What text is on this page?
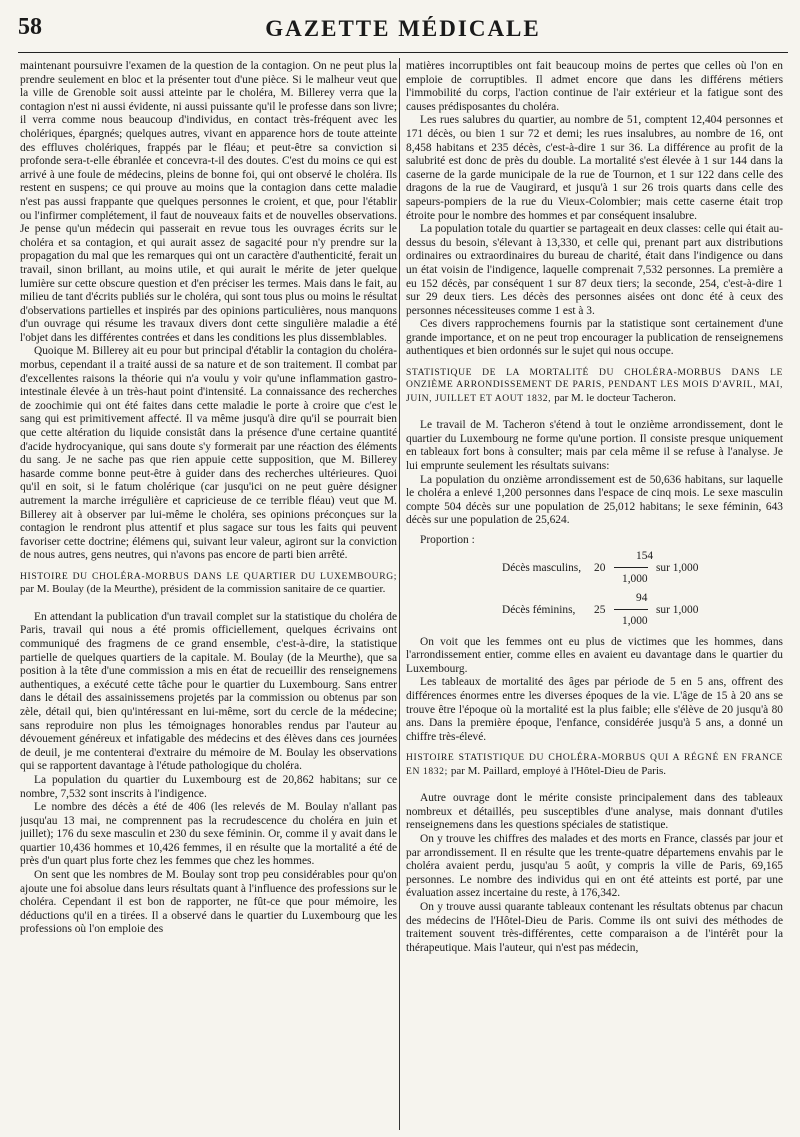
58	GAZETTE MÉDICALE

maintenant poursuivre l'examen de la question de la contagion. On ne peut plus la prendre seulement en bloc et la présenter tout d'une pièce. Si le malheur veut que la ville de Grenoble soit aussi atteinte par le choléra, M. Billerey verra que la contagion n'est ni aussi évidente, ni aussi puissante qu'il le professe dans son livre; il verra comme nous beaucoup d'individus, en contact très-fréquent avec les cholériques, épargnés; quelques autres, vivant en apparence hors de toute atteinte des effluves cholériques, frappés par le fléau; et peut-être sa conviction si profonde sera-t-elle ébranlée et concevra-t-il des doutes. C'est du moins ce qui est arrivé à une foule de médecins, pleins de bonne foi, qui ont observé le choléra. Ils restent en suspens; ce qui prouve au moins que la contagion dans cette maladie n'est pas aussi frappante que quelques personnes le croient, et que, pour l'établir ou l'infirmer complétement, il faut de nouveaux faits et de nouvelles observations. Je pense qu'un médecin qui passerait en revue tous les ouvrages écrits sur le choléra et sa contagion, et qui aurait assez de sagacité pour n'y prendre sur la propagation du mal que les remarques qui ont un caractère d'authenticité, ferait un travail, sinon brillant, au moins utile, et qui aurait le mérite de jeter quelque lumière sur cette obscure question et d'en préciser les termes. Mais dans le fait, au milieu de tant d'écrits publiés sur le choléra, qui sont tous plus ou moins le résultat d'observations partielles et inspirés par des opinions particulières, nous manquons d'un ouvrage qui résume les travaux divers dont cette singulière maladie a été l'objet dans les différentes contrées et dans les conditions les plus dissemblables.

Quoique M. Billerey ait eu pour but principal d'établir la contagion du choléra-morbus, cependant il a traité aussi de sa nature et de son traitement. Il combat par d'excellentes raisons la théorie qui n'a voulu y voir qu'une inflammation gastro-intestinale élevée à un très-haut point d'intensité. La connaissance des recherches de zoochimie qui ont été faites dans cette maladie le porte à croire que c'est le sang qui est primitivement affecté. Il va même jusqu'à dire qu'il se pourrait bien que cette altération du liquide consistât dans la présence d'une certaine quantité d'acide hydrocyanique, qui sans doute s'y formerait par une réaction des éléments du sang. Je ne sache pas que rien appuie cette supposition, que M. Billerey hasarde comme bonne peut-être à guider dans des recherches ultérieures. Quoi qu'il en soit, si le fatum cholérique (car jusqu'ici on ne peut guère désigner autrement la marche irrégulière et capricieuse de ce terrible fléau) veut que M. Billerey ait à observer par lui-même le choléra, ses opinions préconçues sur la contagion le rendront plus attentif et plus sagace sur tous les faits qui peuvent favoriser cette doctrine; élémens qui, suivant leur valeur, agiront sur la conviction de nous autres, gens neutres, qui n'avons pas encore de parti bien arrêté.

HISTOIRE DU CHOLÉRA-MORBUS DANS LE QUARTIER DU LUXEMBOURG; par M. Boulay (de la Meurthe), président de la commission sanitaire de ce quartier.

En attendant la publication d'un travail complet sur la statistique du choléra de Paris, travail qui nous a été promis officiellement, quelques écrivains ont communiqué des fragmens de ce grand ensemble, c'est-à-dire, la statistique partielle de quelques quartiers de la capitale. M. Boulay (de la Meurthe), que sa position à la tête d'une commission a mis en état de recueillir des renseignemens authentiques, a exécuté cette tâche pour le quartier du Luxembourg. Sans entrer dans le détail des assainissemens projetés par la commission ou obtenus par son zèle, détail qui, bien qu'intéressant en lui-même, sort du cercle de la médecine; sans reproduire non plus les témoignages honorables rendus par l'auteur au dévouement généreux et infatigable des médecins et des élèves dans ces journées de deuil, je me contenterai d'extraire du mémoire de M. Boulay les observations qui se rapportent davantage à l'étude pathologique du choléra.

La population du quartier du Luxembourg est de 20,862 habitans; sur ce nombre, 7,532 sont inscrits à l'indigence.

Le nombre des décès a été de 406 (les relevés de M. Boulay n'allant pas jusqu'au 13 mai, ne comprennent pas la recrudescence du choléra en juin et juillet); 176 du sexe masculin et 230 du sexe féminin. Or, comme il y avait dans le quartier 10,436 hommes et 10,426 femmes, il en résulte que la mortalité a été de près d'un quart plus forte chez les femmes que chez les hommes.

On sent que les nombres de M. Boulay sont trop peu considérables pour qu'on ajoute une foi absolue dans leurs résultats quant à l'influence des professions sur le choléra. Cependant il est bon de rapporter, ne fût-ce que pour mémoire, les déductions qu'il en a tirées. Il a observé dans le quartier du Luxembourg que les professions où l'on emploie des

matières incorruptibles ont fait beaucoup moins de pertes que celles où l'on en emploie de corruptibles. Il admet encore que dans les différens métiers l'immobilité du corps, l'action continue de l'air extérieur et la fatigue sont des causes prédisposantes du choléra.

Les rues salubres du quartier, au nombre de 51, comptent 12,404 personnes et 171 décès, ou bien 1 sur 72 et demi; les rues insalubres, au nombre de 16, ont 8,458 habitans et 235 décès, c'est-à-dire 1 sur 36. La différence au profit de la salubrité est donc de près du double. La mortalité s'est élevée à 1 sur 144 dans la caserne de la garde municipale de la rue de Tournon, et 1 sur 122 dans celle des dragons de la rue de Vaugirard, et jusqu'à 1 sur 26 trois quarts dans celle des sapeurs-pompiers de la rue du Vieux-Colombier; mais cette caserne était trop étroite pour le nombre des hommes et par conséquent insalubre.

La population totale du quartier se partageait en deux classes: celle qui était au-dessus du besoin, s'élevant à 13,330, et celle qui, prenant part aux distributions ordinaires ou extraordinaires du bureau de charité, était dans l'indigence ou dans un état voisin de l'indigence, laquelle comprenait 7,532 personnes. La première a eu 152 décès, par conséquent 1 sur 87 deux tiers; la seconde, 254, c'est-à-dire 1 sur 29 deux tiers. Les décès des personnes aisées ont donc été à ceux des personnes nécessiteuses comme 1 est à 3.

Ces divers rapprochemens fournis par la statistique sont certainement d'une grande importance, et on ne peut trop encourager la publication de renseignemens authentiques et bien ordonnés sur le sujet qui nous occupe.

STATISTIQUE DE LA MORTALITÉ DU CHOLÉRA-MORBUS DANS LE ONZIÈME ARRONDISSEMENT DE PARIS, PENDANT LES MOIS D'AVRIL, MAI, JUIN, JUILLET ET AOUT 1832, par M. le docteur Tacheron.

Le travail de M. Tacheron s'étend à tout le onzième arrondissement, dont le quartier du Luxembourg ne forme qu'une portion. Il consiste presque uniquement en tableaux fort bons à consulter; mais par cela même il se refuse à l'analyse. Je lui emprunte seulement les résultats suivans:

La population du onzième arrondissement est de 50,636 habitans, sur laquelle le choléra a enlevé 1,200 personnes dans l'espace de cinq mois. Le sexe masculin compte 504 décès sur une population de 25,012 habitans; le sexe féminin, 643 décès sur une population de 25,624.

Proportion :
Décès masculins, 20
154
1,000
sur 1,000
Décès féminins, 25
94
1,000
sur 1,000

On voit que les femmes ont eu plus de victimes que les hommes, dans l'arrondissement entier, comme elles en avaient eu davantage dans le quartier du Luxembourg.

Les tableaux de mortalité des âges par période de 5 en 5 ans, offrent des différences énormes entre les diverses époques de la vie. L'âge de 15 à 20 ans se trouve être l'époque où la mortalité est la plus faible; elle s'élève de 20 jusqu'à 80 ans. Dans la première époque, l'enfance, considérée jusqu'à 5 ans, a donné un chiffre très-élevé.

HISTOIRE STATISTIQUE DU CHOLÉRA-MORBUS QUI A RÉGNÉ EN FRANCE EN 1832; par M. Paillard, employé à l'Hôtel-Dieu de Paris.

Autre ouvrage dont le mérite consiste principalement dans des tableaux nombreux et détaillés, peu susceptibles d'une analyse, mais donnant d'utiles renseignemens dans les questions spéciales de statistique.

On y trouve les chiffres des malades et des morts en France, classés par jour et par arrondissement. Il en résulte que les trente-quatre départemens envahis par le choléra avaient perdu, jusqu'au 5 août, y compris la ville de Paris, 69,165 personnes. Le nombre des individus qui en ont été atteints est porté, par une évaluation assez incertaine du reste, à 176,342.

On y trouve aussi quarante tableaux contenant les résultats obtenus par chacun des médecins de l'Hôtel-Dieu de Paris. Comme ils ont suivi des méthodes de traitement souvent très-différentes, cette comparaison a de l'intérêt pour la thérapeutique. Mais l'auteur, qui n'est pas médecin,
